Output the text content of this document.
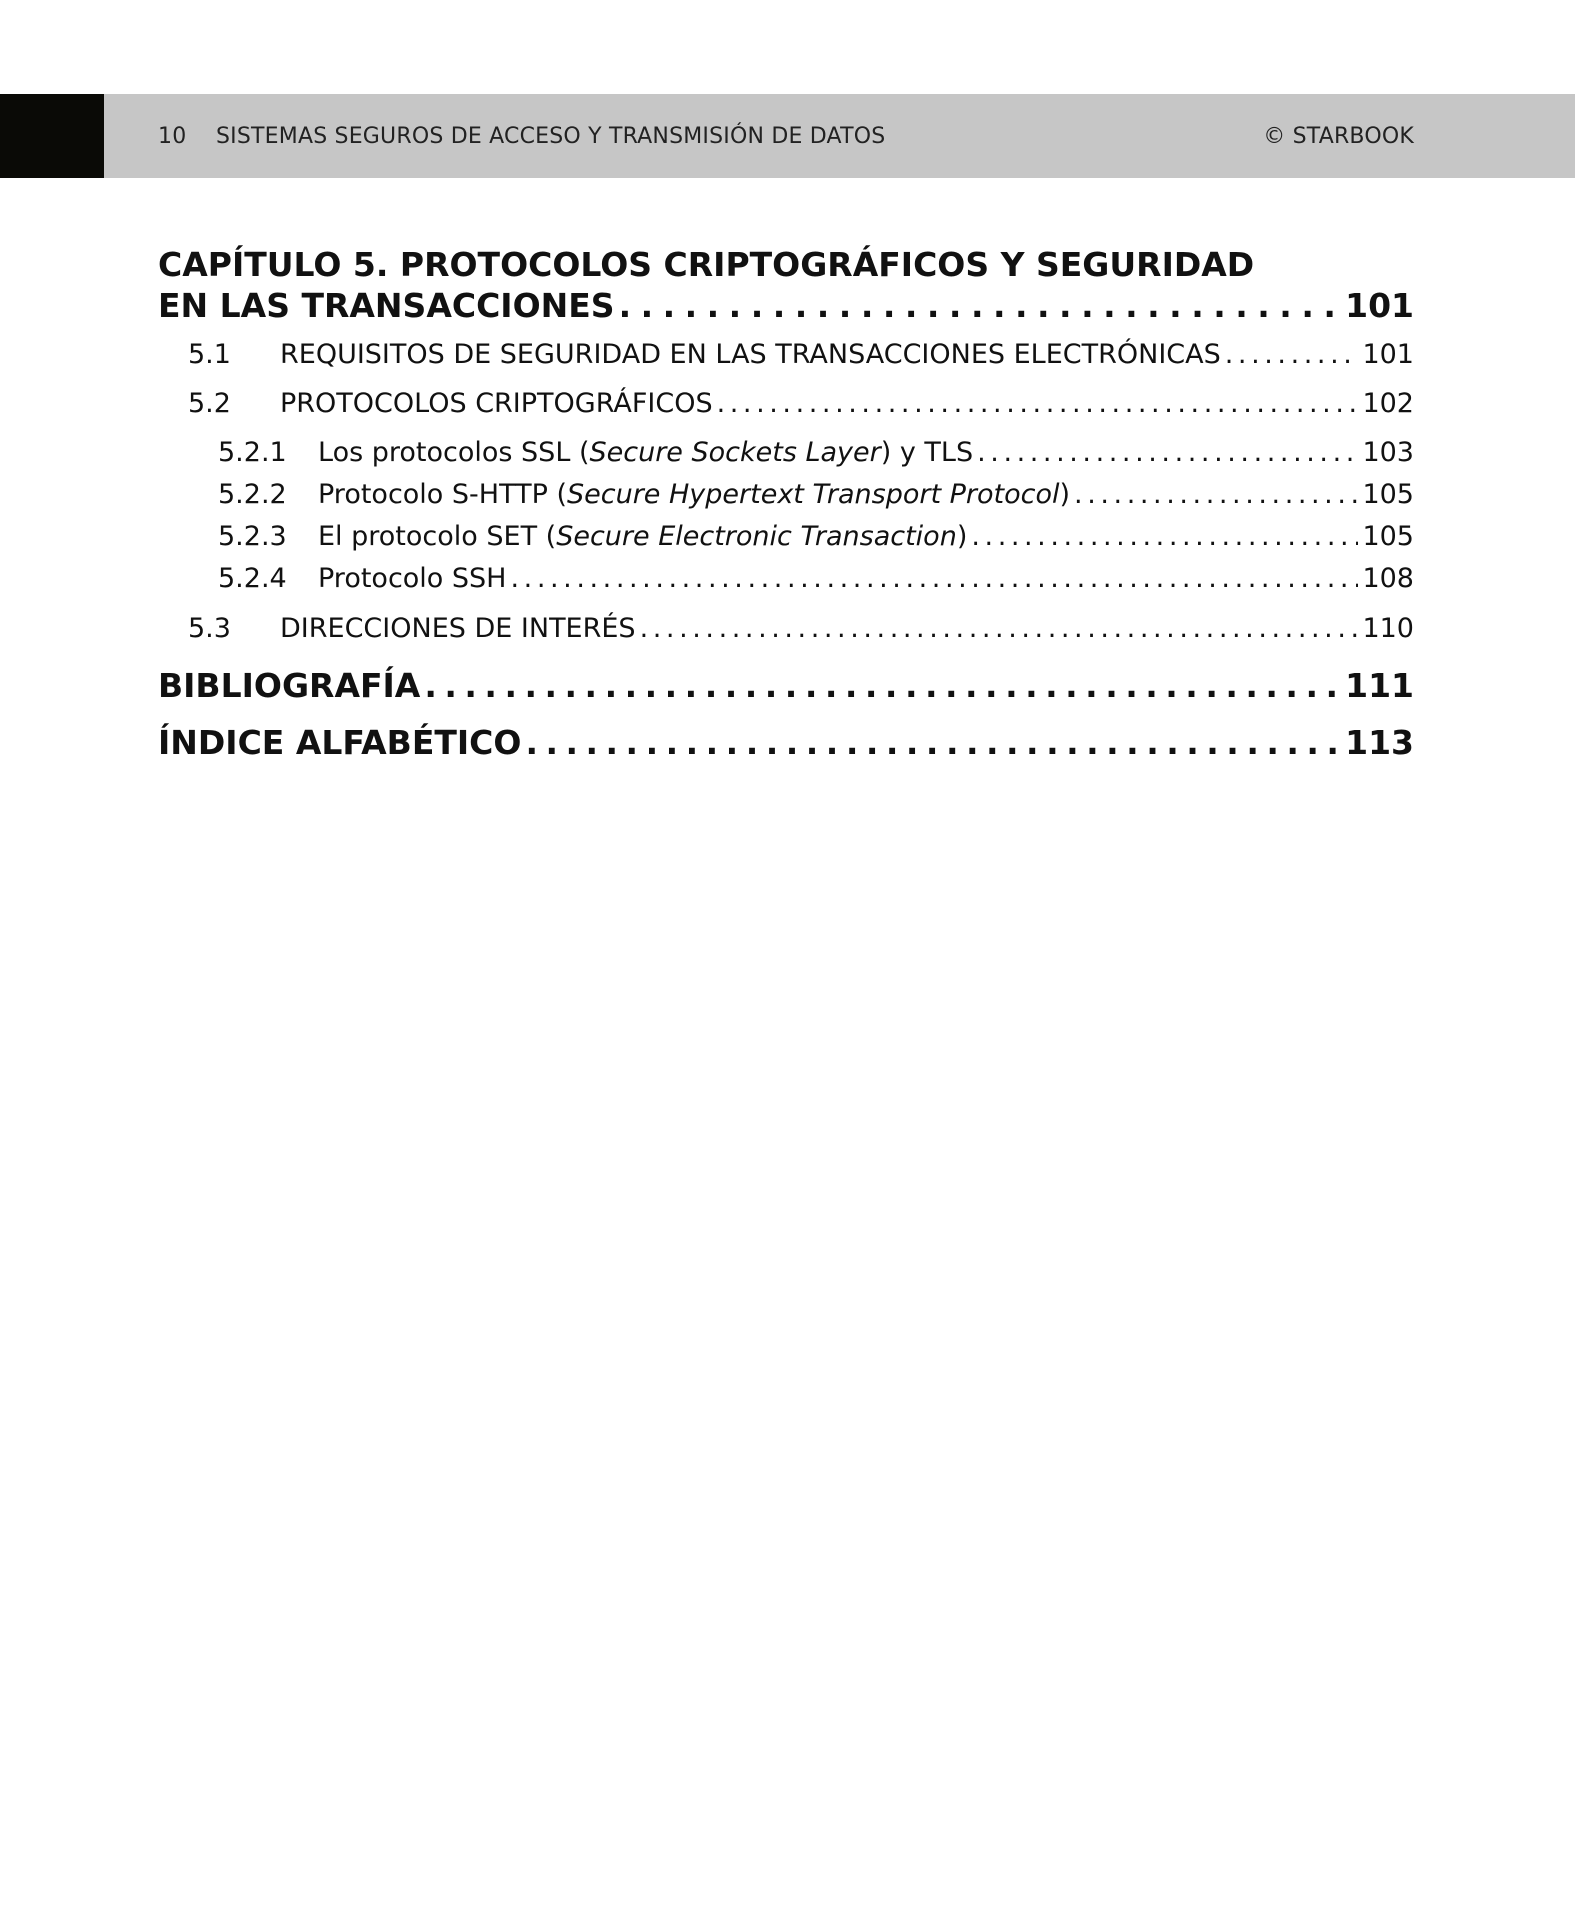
10	SISTEMAS SEGUROS DE ACCESO Y TRANSMISIÓN DE DATOS	© STARBOOK
CAPÍTULO 5. PROTOCOLOS CRIPTOGRÁFICOS Y SEGURIDAD
EN LAS TRANSACCIONES . . .	101
5.1 REQUISITOS DE SEGURIDAD EN LAS TRANSACCIONES ELECTRÓNICAS . . .	101
5.2 PROTOCOLOS CRIPTOGRÁFICOS . . .	102
5.2.1 Los protocolos SSL (Secure Sockets Layer) y TLS . . .	103
5.2.2 Protocolo S-HTTP (Secure Hypertext Transport Protocol) . . .	105
5.2.3 El protocolo SET (Secure Electronic Transaction) . . .	105
5.2.4 Protocolo SSH . . .	108
5.3 DIRECCIONES DE INTERÉS . . .	110
BIBLIOGRAFÍA . . .	111
ÍNDICE ALFABÉTICO . . .	113
